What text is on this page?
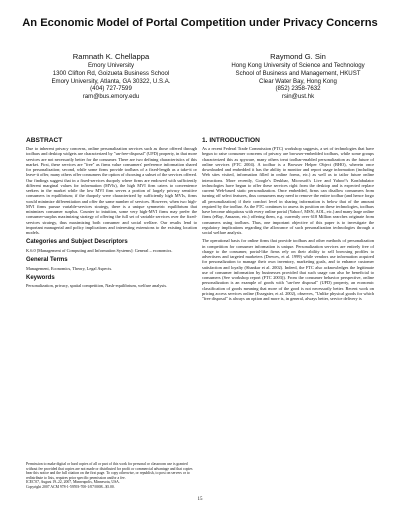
An Economic Model of Portal Competition under Privacy Concerns
Ramnath K. Chellappa
Emory University
1300 Clifton Rd, Goizueta Business School
Emory University, Atlanta, GA 30322, U.S.A.
(404) 727-7599
ram@bus.emory.edu
Raymond G. Sin
Hong Kong University of Science and Technology
School of Business and Management, HKUST
Clear Water Bay, Hong Kong
(852) 2358-7632
rsin@ust.hk
ABSTRACT

Due to inherent privacy concerns, online personalization services such as those offered through toolbars and desktop widgets are characterized by "un-free-disposal" (UFD) property, in that more services are not necessarily better for the consumer. There are two defining characteristics of this market. First, these services are "free" as firms value consumers' preference information shared for personalization; second, while some firms provide toolbars of a fixed-length as a take-it or leave-it offer, many others offer consumers the option of choosing a subset of the services offered. Our findings suggest that in a fixed-services duopoly where firms are endowed with sufficiently different marginal values for information (MVIs), the high MVI firm caters to convenience seekers in the market while the low MVI firm serves a portion of largely privacy sensitive consumers in equilibrium; if the duopoly were characterized by sufficiently high MVIs, firms would minimize differentiation and offer the same number of services. However, when two high-MVI firms pursue variable-services strategy, there is a unique symmetric equilibrium that minimizes consumer surplus. Counter to intuition, some very high-MVI firms may prefer the consumer-surplus maximizing strategy of offering the full set of variable services over the fixed-services strategy, thus maximizing both consumer and social welfare. Our results lend to important managerial and policy implications and interesting extensions to the existing location models.

Categories and Subject Descriptors

K.6.0 [Management of Computing and Information Systems]: General – economics.

General Terms

Management, Economics, Theory, Legal Aspects.

Keywords

Personalization, privacy, spatial competition, Nash-equilibrium, welfare analysis.

Permission to make digital or hard copies of all or part of this work for personal or classroom use is granted without fee provided that copies are not made or distributed for profit or commercial advantage and that copies bear this notice and the full citation on the first page. To copy otherwise, or republish, to post on servers or to redistribute to lists, requires prior specific permission and/or a fee.
ICEC'07, August 19–22, 2007, Minneapolis, Minnesota, USA.
Copyright 2007 ACM 978-1-59593-700-1/07/0008...$5.00.
1. INTRODUCTION

As a recent Federal Trade Commission (FTC) workshop suggests, a set of technologies that have begun to raise consumer concerns of privacy are browser-embedded toolbars, while some groups characterized this as spyware, many others treat toolbar-enabled personalization as the future of online services (FTC 2004). A toolbar is a Browser Helper Object (BHO), wherein once downloaded and embedded it has the ability to monitor and report usage information (including Web sites visited, information filled in online forms, etc.) as well as to tailor future online interactions. More recently, Google's Deskbar, Microsoft's Live and Yahoo!'s Konfabulator technologies have begun to offer these services right from the desktop and is expected replace current Web-based static personalization. Once embedded, firms can disallow consumers from turning off select features, thus consumers may need to remove the entire toolbar (and hence forgo all personalization) if their comfort level in sharing information is below that of the amount required by the toolbar. As the FTC continues to assess its position on these technologies, toolbars have become ubiquitous with every online portal (Yahoo!, MSN, AOL, etc.) and many large online firms (eBay, Amazon, etc.) offering them, e.g. currently over 618 Million searches originate from consumers using toolbars. Thus, one important objective of this paper is to investigate the regulatory implications regarding the allowance of such personalization technologies through a social welfare analysis.

The operational basis for online firms that provide toolbars and other methods of personalization in competition for consumer information is unique. Personalization services are entirely free of charge to the consumer, portal-like firms rely on their ability to sell browsing profiles to advertisers and targeted marketers (Drewes, et al. 1999) while vendors use information acquired for personalization to manage their own inventory, marketing goals, and to enhance customer satisfaction and loyalty (Shankar et al. 2002). Indeed, the FTC also acknowledges the legitimate use of consumer information by businesses provided that such usage can also be beneficial to consumers (See workshop report (FTC 2003)). From the consumer behavior perspective, online personalization is an example of goods with "un-free disposal" (UFD) property, an economic classification of goods meaning that more of the good is not necessarily better. Recent work on pricing access services online (Essegaier, et al. 2002), observes, "Unlike physical goods for which "free disposal" is always an option and more is, in general, always better, service delivery is

15
